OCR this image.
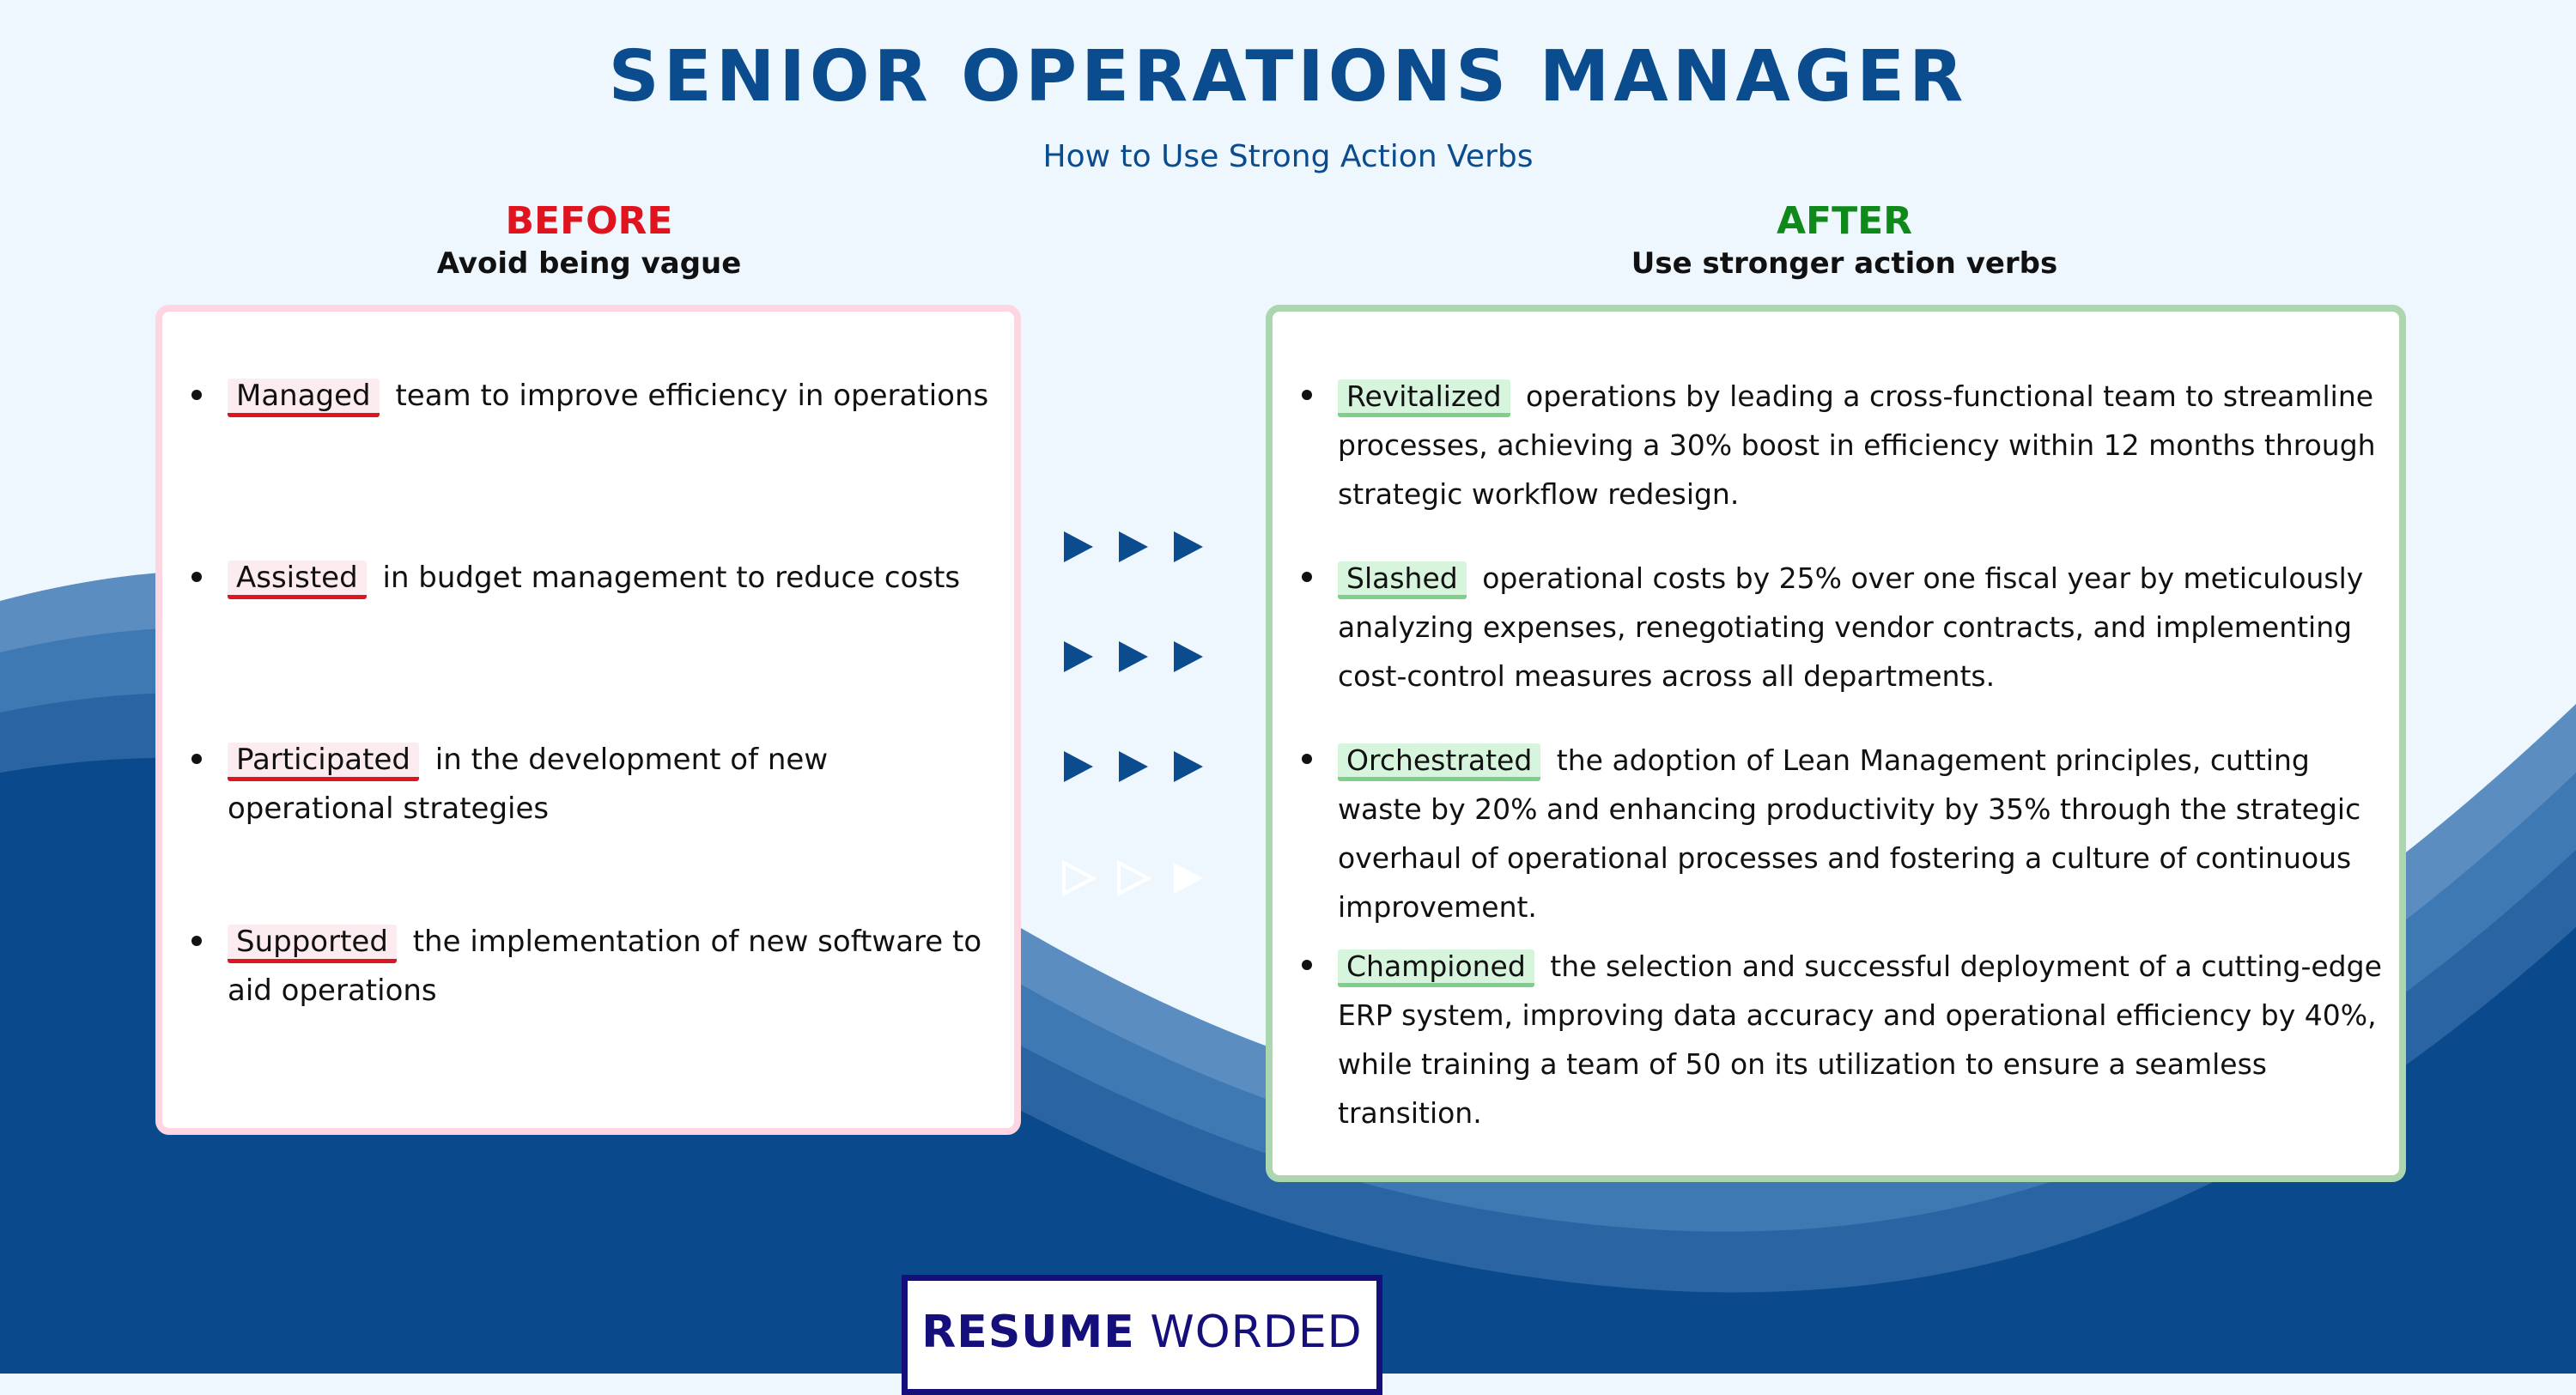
SENIOR OPERATIONS MANAGER
How to Use Strong Action Verbs
BEFORE
Avoid being vague
AFTER
Use stronger action verbs
Managed team to improve efficiency in operations
Assisted in budget management to reduce costs
Participated in the development of new operational strategies
Supported the implementation of new software to aid operations
Revitalized operations by leading a cross-functional team to streamline processes, achieving a 30% boost in efficiency within 12 months through strategic workflow redesign.
Slashed operational costs by 25% over one fiscal year by meticulously analyzing expenses, renegotiating vendor contracts, and implementing cost-control measures across all departments.
Orchestrated the adoption of Lean Management principles, cutting waste by 20% and enhancing productivity by 35% through the strategic overhaul of operational processes and fostering a culture of continuous improvement.
Championed the selection and successful deployment of a cutting-edge ERP system, improving data accuracy and operational efficiency by 40%, while training a team of 50 on its utilization to ensure a seamless transition.
RESUME WORDED
